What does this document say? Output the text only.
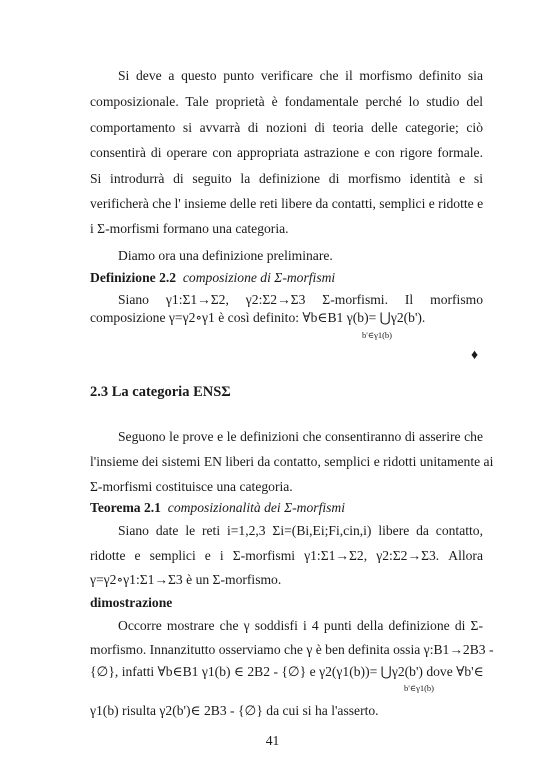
Si deve a questo punto verificare che il morfismo definito sia
composizionale. Tale proprietà è fondamentale perché lo studio del
comportamento si avvarrà di nozioni di teoria delle categorie; ciò
consentirà di operare con appropriata astrazione e con rigore formale.
Si introdurrà di seguito la definizione di morfismo identità e si
verificherà che l' insieme delle reti libere da contatti, semplici e ridotte e
i Σ-morfismi formano una categoria.
Diamo ora una definizione preliminare.
Definizione 2.2 composizione di Σ-morfismi
Siano γ1:Σ1→Σ2, γ2:Σ2→Σ3 Σ-morfismi. Il morfismo
composizione γ=γ2∘γ1 è così definito: ∀b∈B1 γ(b)= ⋃γ2(b').
b'∈γ1(b)
♦
2.3 La categoria ENSΣ
Seguono le prove e le definizioni che consentiranno di asserire che
l'insieme dei sistemi EN liberi da contatto, semplici e ridotti unitamente ai
Σ-morfismi costituisce una categoria.
Teorema 2.1 composizionalità dei Σ-morfismi
Siano date le reti i=1,2,3 Σi=(Bi,Ei;Fi,cin,i) libere da contatto,
ridotte e semplici e i Σ-morfismi γ1:Σ1→Σ2, γ2:Σ2→Σ3. Allora
γ=γ2∘γ1:Σ1→Σ3 è un Σ-morfismo.
dimostrazione
Occorre mostrare che γ soddisfi i 4 punti della definizione di Σ-
morfismo. Innanzitutto osserviamo che γ è ben definita ossia γ:B1→2B3 -
{∅}, infatti ∀b∈B1 γ1(b) ∈ 2B2 - {∅} e γ2(γ1(b))= ⋃γ2(b') dove ∀b'∈
b'∈γ1(b)
γ1(b) risulta γ2(b')∈ 2B3 - {∅} da cui si ha l'asserto.
41
